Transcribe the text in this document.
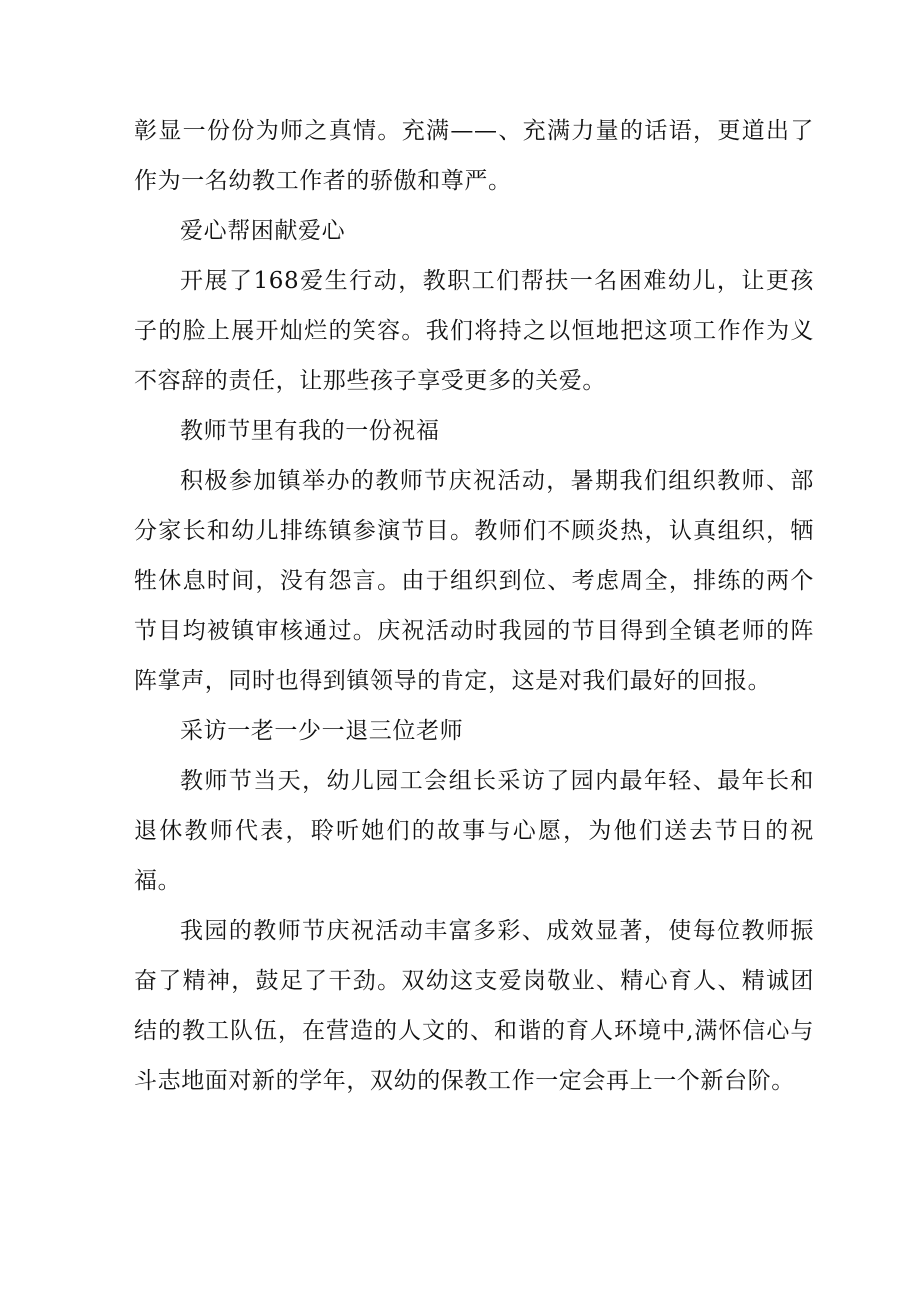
彰显一份份为师之真情。充满——、充满力量的话语，更道出了作为一名幼教工作者的骄傲和尊严。

爱心帮困献爱心

开展了168爱生行动，教职工们帮扶一名困难幼儿，让更孩子的脸上展开灿烂的笑容。我们将持之以恒地把这项工作作为义不容辞的责任，让那些孩子享受更多的关爱。

教师节里有我的一份祝福

积极参加镇举办的教师节庆祝活动，暑期我们组织教师、部分家长和幼儿排练镇参演节目。教师们不顾炎热，认真组织，牺牲休息时间，没有怨言。由于组织到位、考虑周全，排练的两个节目均被镇审核通过。庆祝活动时我园的节目得到全镇老师的阵阵掌声，同时也得到镇领导的肯定，这是对我们最好的回报。

采访一老一少一退三位老师

教师节当天，幼儿园工会组长采访了园内最年轻、最年长和退休教师代表，聆听她们的故事与心愿，为他们送去节日的祝福。

我园的教师节庆祝活动丰富多彩、成效显著，使每位教师振奋了精神，鼓足了干劲。双幼这支爱岗敬业、精心育人、精诚团结的教工队伍，在营造的人文的、和谐的育人环境中,满怀信心与斗志地面对新的学年，双幼的保教工作一定会再上一个新台阶。
